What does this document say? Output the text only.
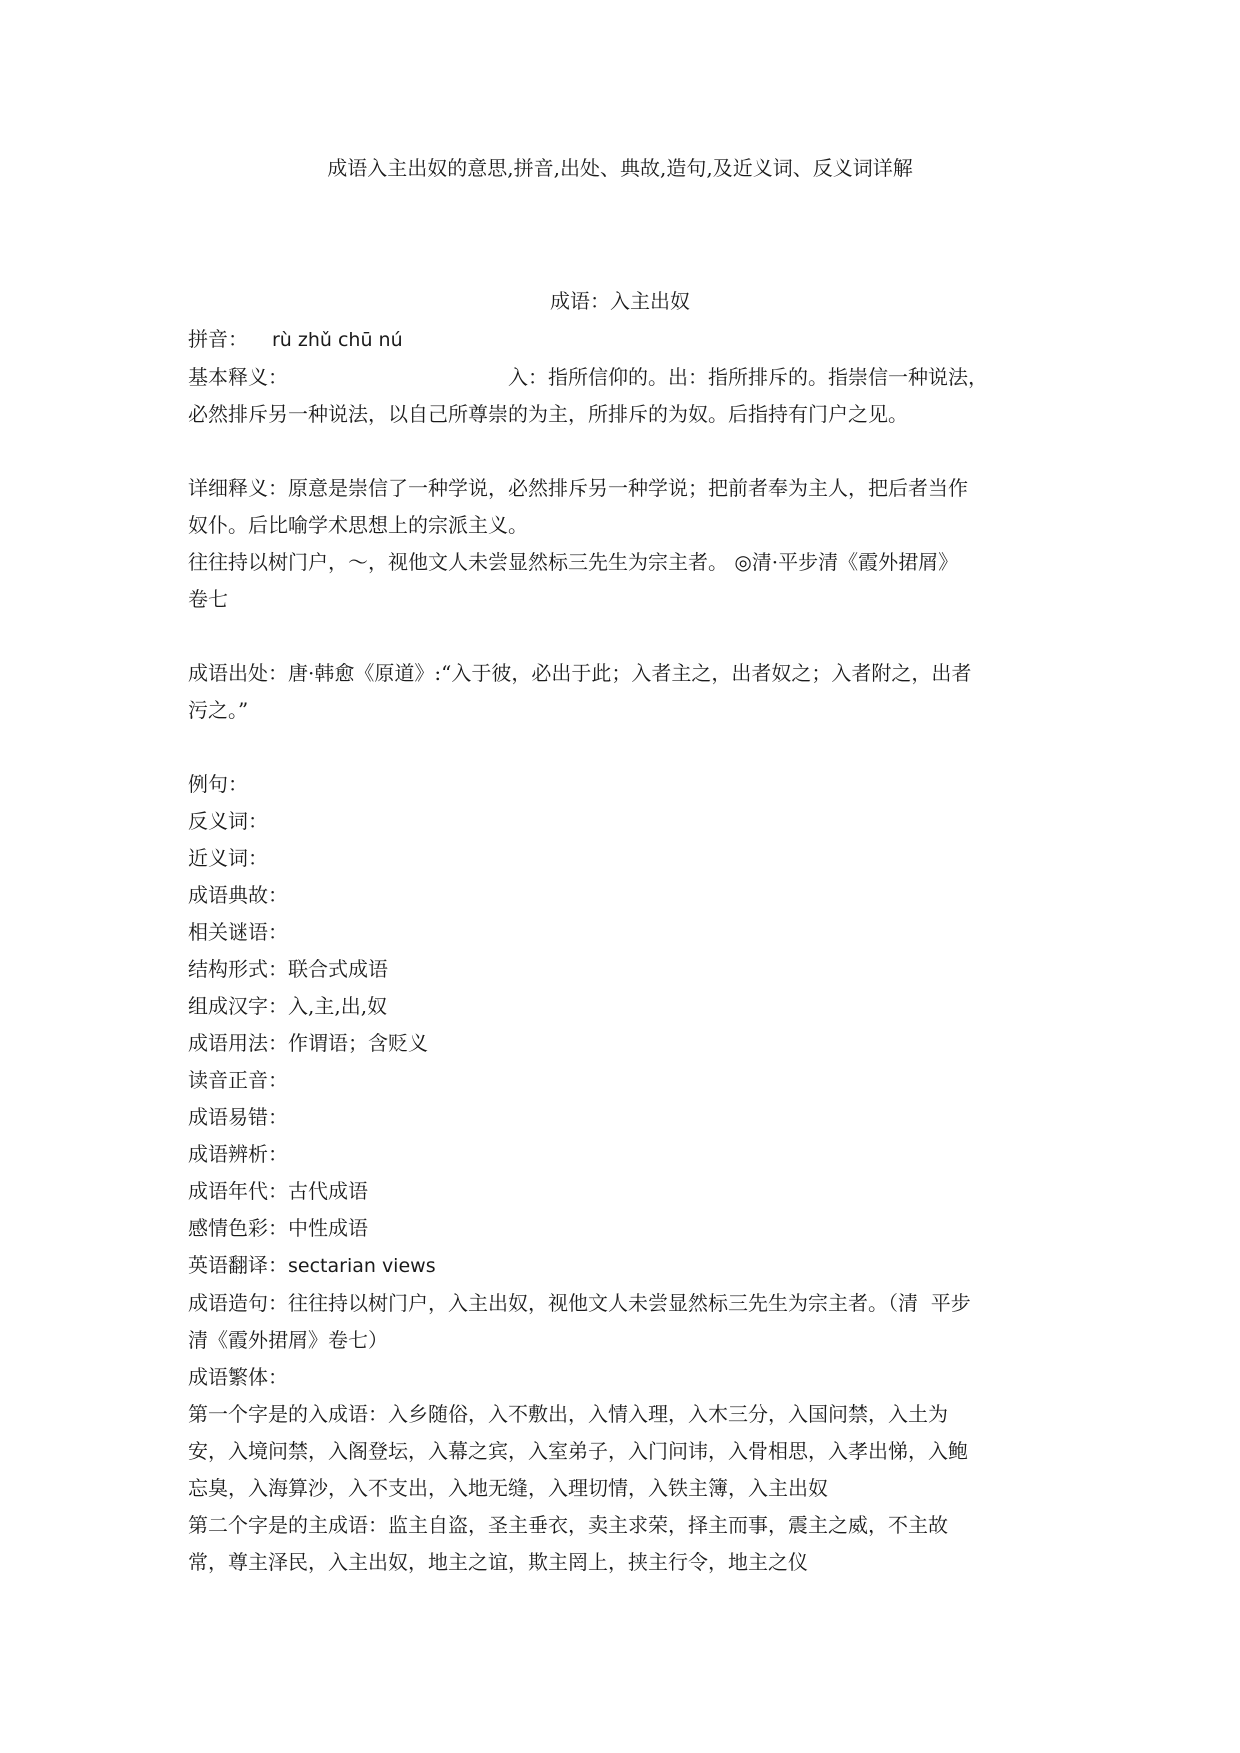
成语入主出奴的意思,拼音,出处、典故,造句,及近义词、反义词详解
成语：入主出奴
拼音： rù zhǔ chū nú
基本释义：	入：指所信仰的。出：指所排斥的。指崇信一种说法，
必然排斥另一种说法，以自己所尊崇的为主，所排斥的为奴。后指持有门户之见。
详细释义：原意是崇信了一种学说，必然排斥另一种学说；把前者奉为主人，把后者当作
奴仆。后比喻学术思想上的宗派主义。
往往持以树门户，～，视他文人未尝显然标三先生为宗主者。 ◎清·平步清《霞外捃屑》
卷七
成语出处：唐·韩愈《原道》:“入于彼，必出于此；入者主之，出者奴之；入者附之，出者
污之。”
例句：
反义词：
近义词：
成语典故：
相关谜语：
结构形式：联合式成语
组成汉字：入,主,出,奴
成语用法：作谓语；含贬义
读音正音：
成语易错：
成语辨析：
成语年代：古代成语
感情色彩：中性成语
英语翻译：sectarian views
成语造句：往往持以树门户，入主出奴，视他文人未尝显然标三先生为宗主者。（清  平步
清《霞外捃屑》卷七）
成语繁体：
第一个字是的入成语：入乡随俗，入不敷出，入情入理，入木三分，入国问禁，入土为
安，入境问禁，入阁登坛，入幕之宾，入室弟子，入门问讳，入骨相思，入孝出悌，入鲍
忘臭，入海算沙，入不支出，入地无缝，入理切情，入铁主簿，入主出奴
第二个字是的主成语：监主自盗，圣主垂衣，卖主求荣，择主而事，震主之威，不主故
常，尊主泽民，入主出奴，地主之谊，欺主罔上，挟主行令，地主之仪
